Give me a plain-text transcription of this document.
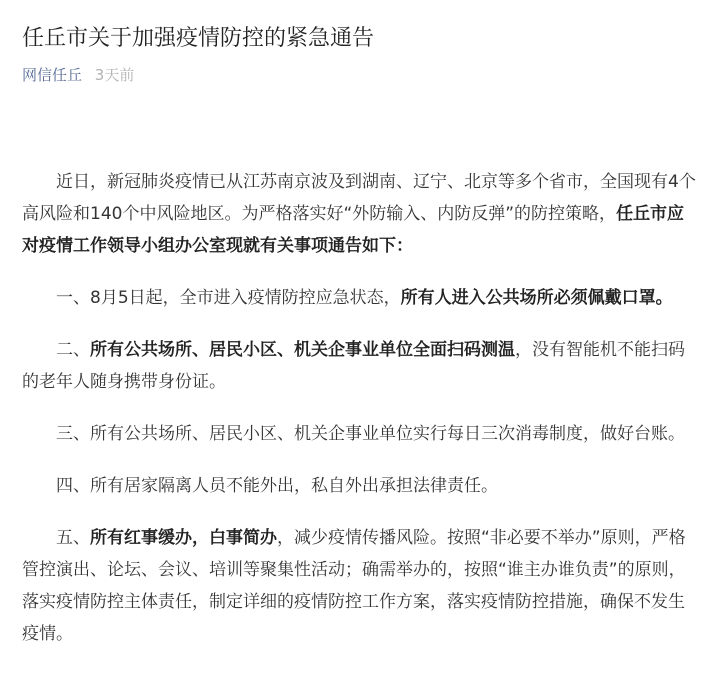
任丘市关于加强疫情防控的紧急通告
网信任丘 3天前

近日，新冠肺炎疫情已从江苏南京波及到湖南、辽宁、北京等多个省市，全国现有4个高风险和140个中风险地区。为严格落实好“外防输入、内防反弹”的防控策略，任丘市应对疫情工作领导小组办公室现就有关事项通告如下：

一、8月5日起，全市进入疫情防控应急状态，所有人进入公共场所必须佩戴口罩。

二、所有公共场所、居民小区、机关企事业单位全面扫码测温，没有智能机不能扫码的老年人随身携带身份证。

三、所有公共场所、居民小区、机关企事业单位实行每日三次消毒制度，做好台账。

四、所有居家隔离人员不能外出，私自外出承担法律责任。

五、所有红事缓办，白事简办，减少疫情传播风险。按照“非必要不举办”原则，严格管控演出、论坛、会议、培训等聚集性活动；确需举办的，按照“谁主办谁负责”的原则，落实疫情防控主体责任，制定详细的疫情防控工作方案，落实疫情防控措施，确保不发生疫情。
